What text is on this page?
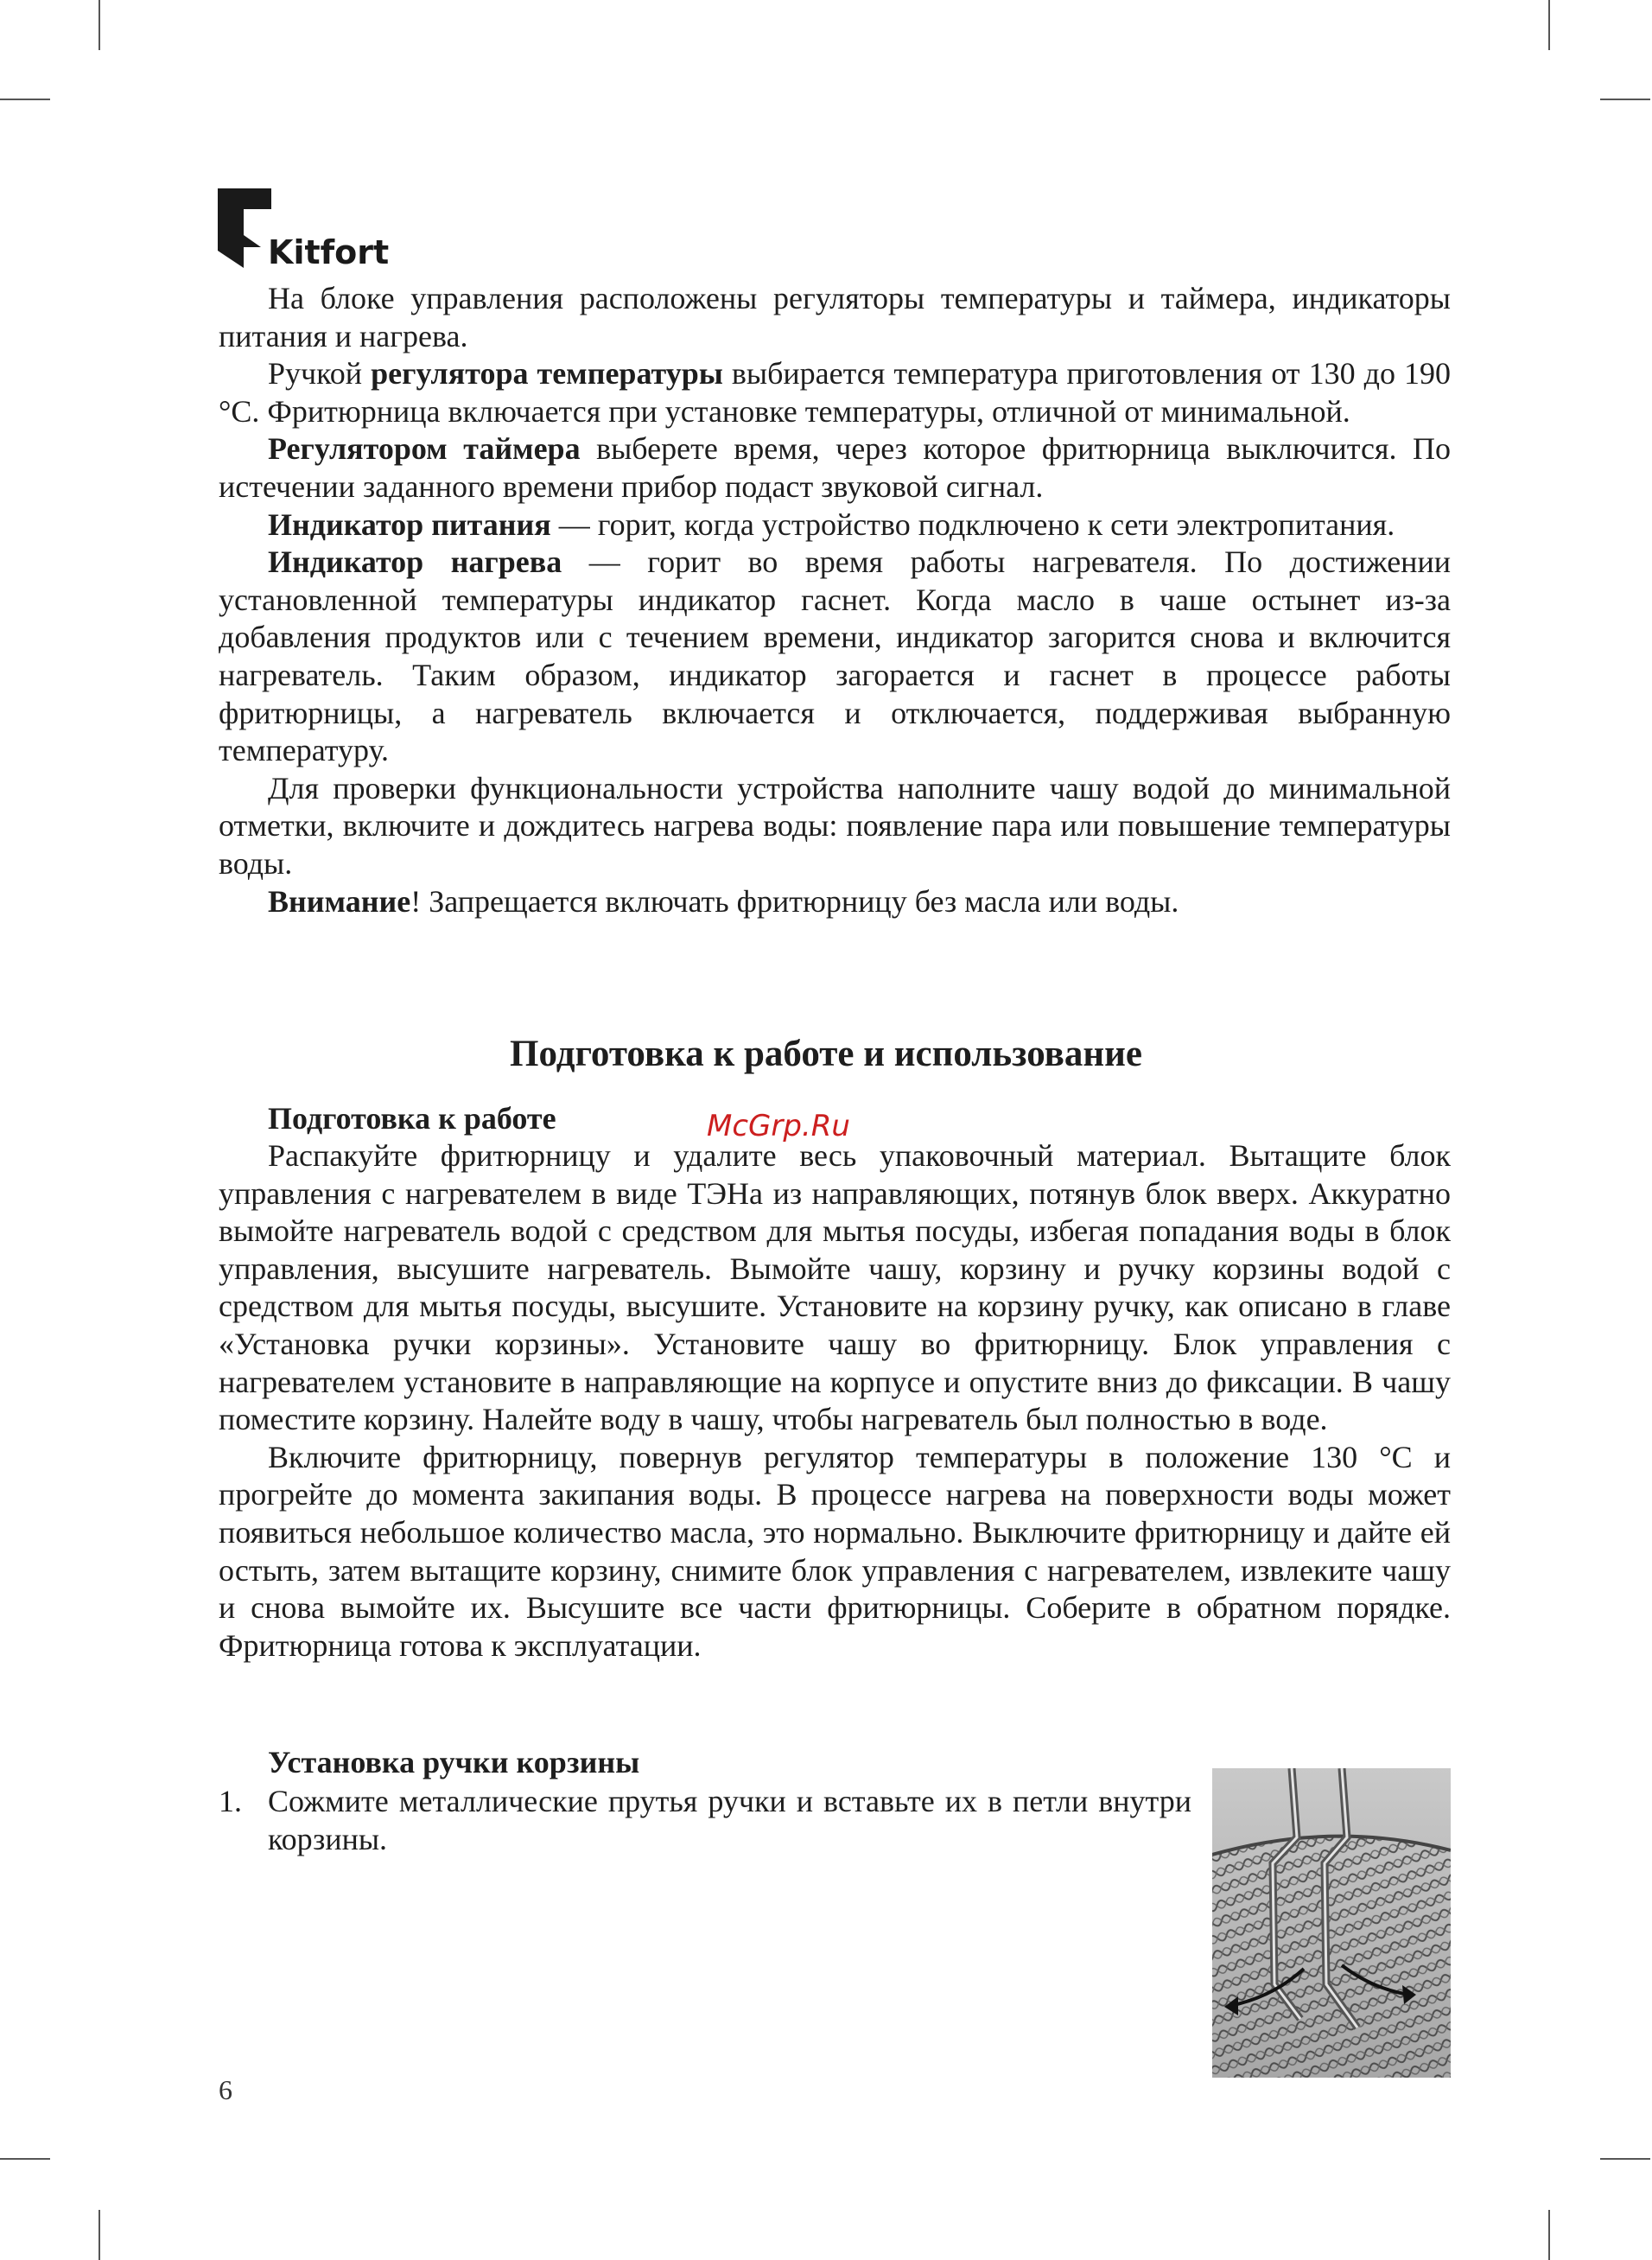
Kitfort

На блоке управления расположены регуляторы температуры и таймера, индикаторы питания и нагрева.

Ручкой регулятора температуры выбирается температура приготовления от 130 до 190 °С. Фритюрница включается при установке температуры, отличной от минимальной.

Регулятором таймера выберете время, через которое фритюрница выключится. По истечении заданного времени прибор подаст звуковой сигнал.

Индикатор питания — горит, когда устройство подключено к сети электропитания.

Индикатор нагрева — горит во время работы нагревателя. По достижении установленной температуры индикатор гаснет. Когда масло в чаше остынет из-за добавления продуктов или с течением времени, индикатор загорится снова и включится нагреватель. Таким образом, индикатор загорается и гаснет в процессе работы фритюрницы, а нагреватель включается и отключается, поддерживая выбранную температуру.

Для проверки функциональности устройства наполните чашу водой до минимальной отметки, включите и дождитесь нагрева воды: появление пара или повышение температуры воды.

Внимание! Запрещается включать фритюрницу без масла или воды.

Подготовка к работе и использование
Подготовка к работе	McGrp.Ru

Распакуйте фритюрницу и удалите весь упаковочный материал. Вытащите блок управления с нагревателем в виде ТЭНа из направляющих, потянув блок вверх. Аккуратно вымойте нагреватель водой с средством для мытья посуды, избегая попадания воды в блок управления, высушите нагреватель. Вымойте чашу, корзину и ручку корзины водой с средством для мытья посуды, высушите. Установите на корзину ручку, как описано в главе «Установка ручки корзины». Установите чашу во фритюрницу. Блок управления с нагревателем установите в направляющие на корпусе и опустите вниз до фиксации. В чашу поместите корзину. Налейте воду в чашу, чтобы нагреватель был полностью в воде.

Включите фритюрницу, повернув регулятор температуры в положение 130 °С и прогрейте до момента закипания воды. В процессе нагрева на поверхности воды может появиться небольшое количество масла, это нормально. Выключите фритюрницу и дайте ей остыть, затем вытащите корзину, снимите блок управления с нагревателем, извлеките чашу и снова вымойте их. Высушите все части фритюрницы. Соберите в обратном порядке. Фритюрница готова к эксплуатации.

Установка ручки корзины
1. Сожмите металлические прутья ручки и вставьте их в петли внутри корзины.
6
